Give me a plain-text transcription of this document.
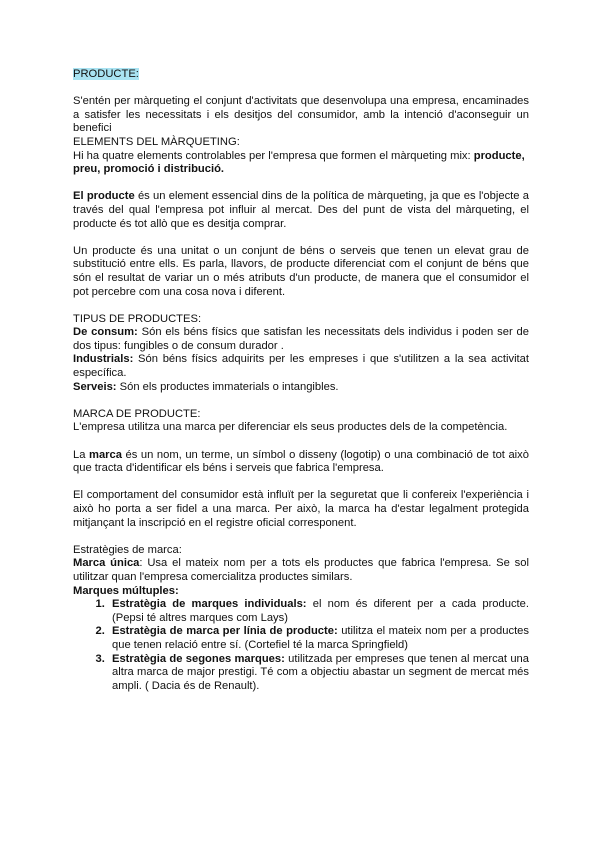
PRODUCTE:

S'entén per màrqueting el conjunt d'activitats que desenvolupa una empresa, encaminades a satisfer les necessitats i els desitjos del consumidor, amb la intenció d'aconseguir un benefici

ELEMENTS DEL MÀRQUETING:

Hi ha quatre elements controlables per l'empresa que formen el màrqueting mix: producte, preu, promoció i distribució.

El producte és un element essencial dins de la política de màrqueting, ja que es l'objecte a través del qual l'empresa pot influir al mercat. Des del punt de vista del màrqueting, el producte és tot allò que es desitja comprar.

Un producte és una unitat o un conjunt de béns o serveis que tenen un elevat grau de substitució entre ells. Es parla, llavors, de producte diferenciat com el conjunt de béns que són el resultat de variar un o més atributs d'un producte, de manera que el consumidor el pot percebre com una cosa nova i diferent.

TIPUS DE PRODUCTES:

De consum: Són els béns físics que satisfan les necessitats dels individus i poden ser de dos tipus: fungibles o de consum durador .

Industrials: Són béns físics adquirits per les empreses i que s'utilitzen a la sea activitat específica.

Serveis: Són els productes immaterials o intangibles.

MARCA DE PRODUCTE:

L'empresa utilitza una marca per diferenciar els seus productes dels de la competència.

La marca és un nom, un terme, un símbol o disseny (logotip) o una combinació de tot això que tracta d'identificar els béns i serveis que fabrica l'empresa.

El comportament del consumidor està influït per la seguretat que li confereix l'experiència i això ho porta a ser fidel a una marca. Per això, la marca ha d'estar legalment protegida mitjançant la inscripció en el registre oficial corresponent.

Estratègies de marca:

Marca única: Usa el mateix nom per a tots els productes que fabrica l'empresa. Se sol utilitzar quan l'empresa comercialitza productes similars.

Marques múltuples:

1. Estratègia de marques individuals: el nom és diferent per a cada producte. (Pepsi té altres marques com Lays)
2. Estratègia de marca per línia de producte: utilitza el mateix nom per a productes que tenen relació entre sí. (Cortefiel té la marca Springfield)
3. Estratègia de segones marques: utilitzada per empreses que tenen al mercat una altra marca de major prestigi. Té com a objectiu abastar un segment de mercat més ampli. ( Dacia és de Renault).
